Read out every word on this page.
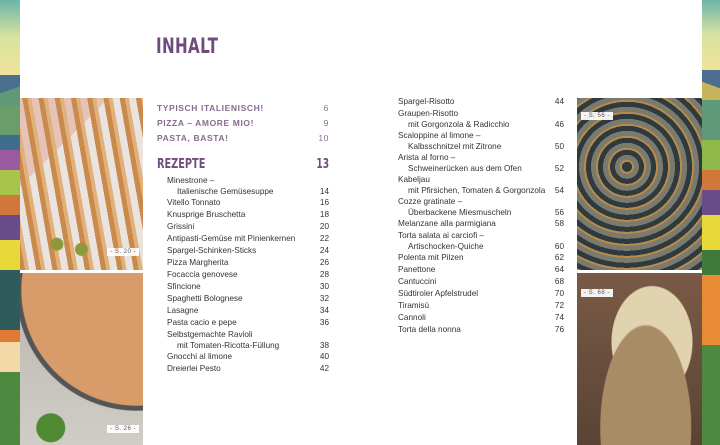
- S. 20 -
- S. 26 -
- S. 56 -
- S. 68 -
INHALT
TYPISCH ITALIENISCH!	6
PIZZA – AMORE MIO!	9
PASTA, BASTA!	10
REZEPTE	13
Minestrone –
Italienische Gemüsesuppe	14
Vitello Tonnato	16
Knusprige Bruschetta	18
Grissini	20
Antipasti-Gemüse mit Pinienkernen	22
Spargel-Schinken-Sticks	24
Pizza Margherita	26
Focaccia genovese	28
Sfincione	30
Spaghetti Bolognese	32
Lasagne	34
Pasta cacio e pepe	36
Selbstgemachte Ravioli
mit Tomaten-Ricotta-Füllung	38
Gnocchi al limone	40
Dreierlei Pesto	42
Spargel-Risotto	44
Graupen-Risotto
mit Gorgonzola & Radicchio	46
Scaloppine al limone –
Kalbsschnitzel mit Zitrone	50
Arista al forno –
Schweinerücken aus dem Ofen	52
Kabeljau
mit Pfirsichen, Tomaten & Gorgonzola	54
Cozze gratinate –
Überbackene Miesmuscheln	56
Melanzane alla parmigiana	58
Torta salata ai carciofi –
Artischocken-Quiche	60
Polenta mit Pilzen	62
Panettone	64
Cantuccini	68
Südtiroler Apfelstrudel	70
Tiramisù	72
Cannoli	74
Torta della nonna	76
